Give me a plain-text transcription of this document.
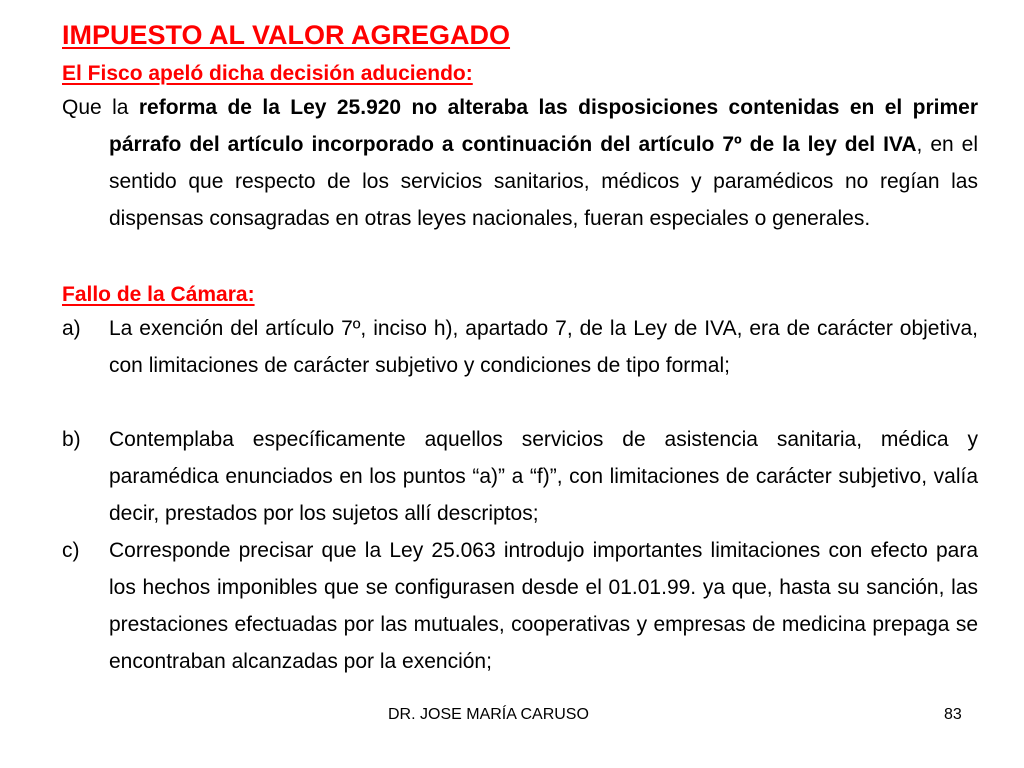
IMPUESTO AL VALOR AGREGADO
El Fisco apeló dicha decisión aduciendo:

Que la reforma de la Ley 25.920 no alteraba las disposiciones contenidas en el primer párrafo del artículo incorporado a continuación del artículo 7º de la ley del IVA, en el sentido que respecto de los servicios sanitarios, médicos y paramédicos no regían las dispensas consagradas en otras leyes nacionales, fueran especiales o generales.

Fallo de la Cámara:
a) La exención del artículo 7º, inciso h), apartado 7, de la Ley de IVA, era de carácter objetiva, con limitaciones de carácter subjetivo y condiciones de tipo formal;
b) Contemplaba específicamente aquellos servicios de asistencia sanitaria, médica y paramédica enunciados en los puntos “a)” a “f)”, con limitaciones de carácter subjetivo, valía decir, prestados por los sujetos allí descriptos;
c) Corresponde precisar que la Ley 25.063 introdujo importantes limitaciones con efecto para los hechos imponibles que se configurasen desde el 01.01.99. ya que, hasta su sanción, las prestaciones efectuadas por las mutuales, cooperativas y empresas de medicina prepaga se encontraban alcanzadas por la exención;
DR. JOSE MARÍA CARUSO	83
